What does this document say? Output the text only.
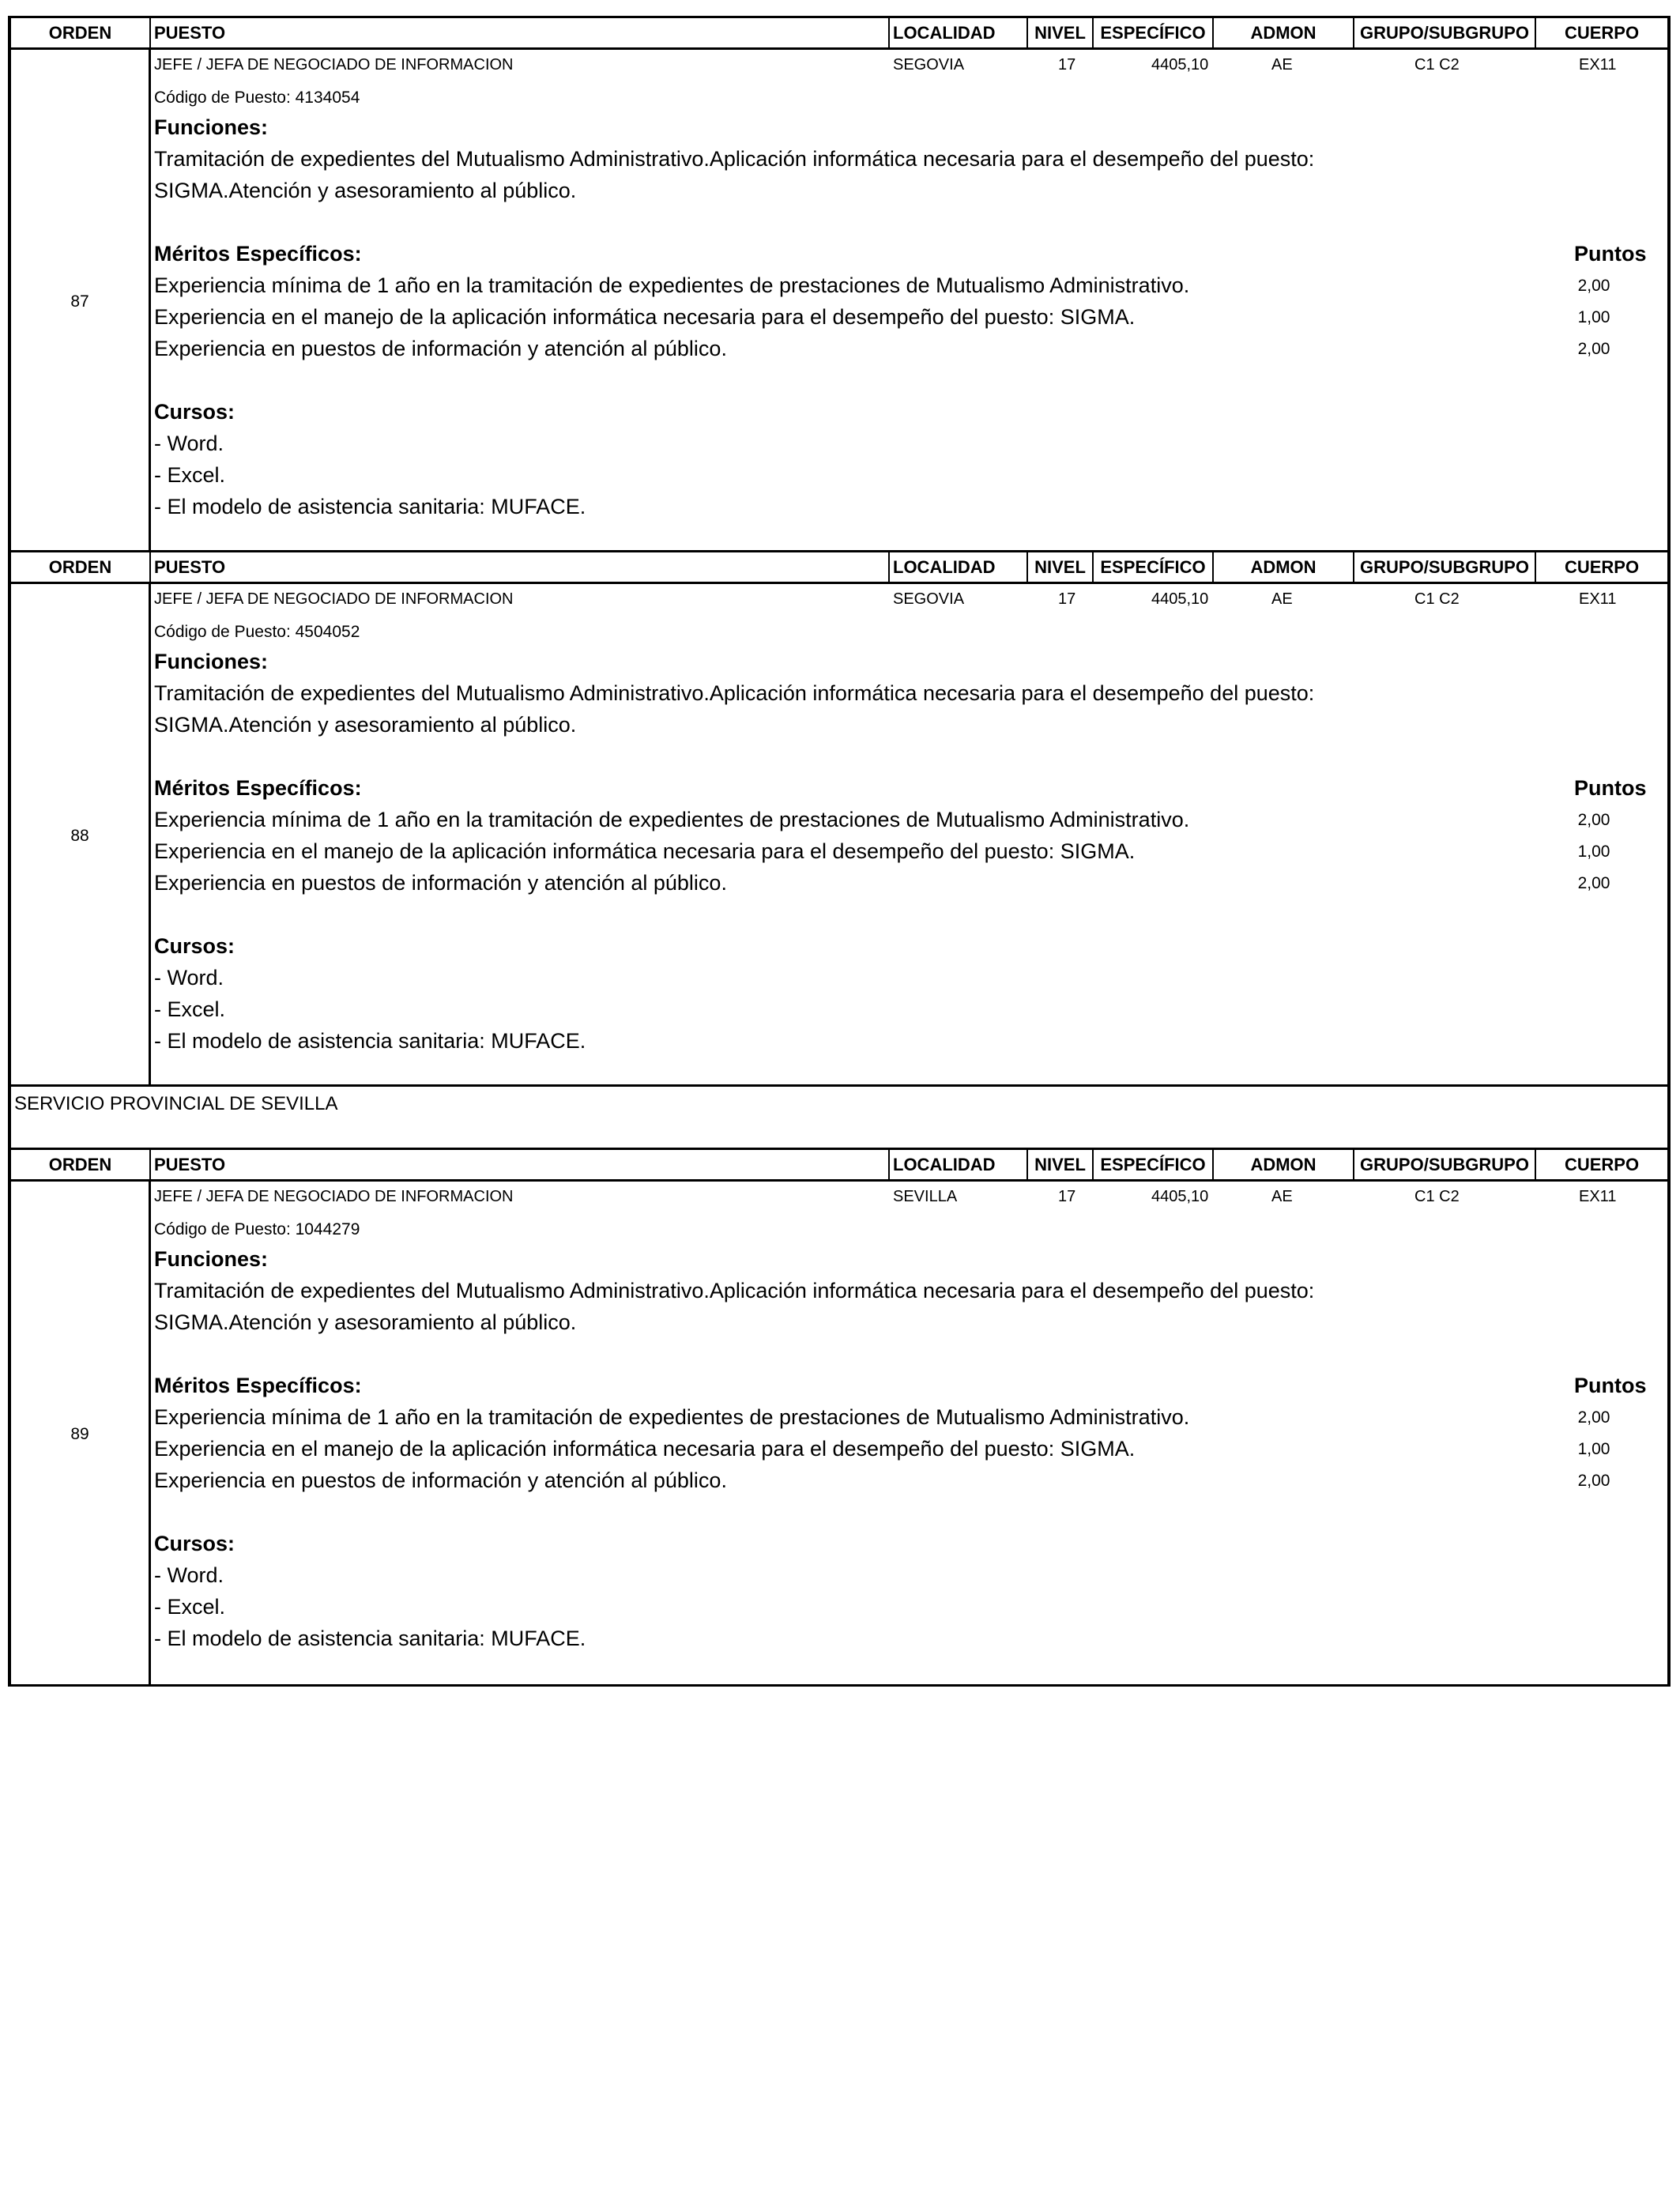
ORDEN	PUESTO	LOCALIDAD	NIVEL ESPECÍFICO	ADMON	GRUPO/SUBGRUPO	CUERPO
87
JEFE / JEFA DE NEGOCIADO DE INFORMACION	SEGOVIA	17	4405,10	AE	C1 C2	EX11
Código de Puesto: 4134054
Funciones:
Tramitación de expedientes del Mutualismo Administrativo.Aplicación informática necesaria para el desempeño del puesto:
SIGMA.Atención y asesoramiento al público.
Méritos Específicos:	Puntos
Experiencia mínima de 1 año en la tramitación de expedientes de prestaciones de Mutualismo Administrativo.	2,00
Experiencia en el manejo de la aplicación informática necesaria para el desempeño del puesto: SIGMA.	1,00
Experiencia en puestos de información y atención al público.	2,00
Cursos:
- Word.
- Excel.
- El modelo de asistencia sanitaria: MUFACE.
ORDEN	PUESTO	LOCALIDAD	NIVEL ESPECÍFICO	ADMON	GRUPO/SUBGRUPO	CUERPO
88
JEFE / JEFA DE NEGOCIADO DE INFORMACION	SEGOVIA	17	4405,10	AE	C1 C2	EX11
Código de Puesto: 4504052
Funciones:
Tramitación de expedientes del Mutualismo Administrativo.Aplicación informática necesaria para el desempeño del puesto:
SIGMA.Atención y asesoramiento al público.
Méritos Específicos:	Puntos
Experiencia mínima de 1 año en la tramitación de expedientes de prestaciones de Mutualismo Administrativo.	2,00
Experiencia en el manejo de la aplicación informática necesaria para el desempeño del puesto: SIGMA.	1,00
Experiencia en puestos de información y atención al público.	2,00
Cursos:
- Word.
- Excel.
- El modelo de asistencia sanitaria: MUFACE.
SERVICIO PROVINCIAL DE SEVILLA
ORDEN	PUESTO	LOCALIDAD	NIVEL ESPECÍFICO	ADMON	GRUPO/SUBGRUPO	CUERPO
89
JEFE / JEFA DE NEGOCIADO DE INFORMACION	SEVILLA	17	4405,10	AE	C1 C2	EX11
Código de Puesto: 1044279
Funciones:
Tramitación de expedientes del Mutualismo Administrativo.Aplicación informática necesaria para el desempeño del puesto:
SIGMA.Atención y asesoramiento al público.
Méritos Específicos:	Puntos
Experiencia mínima de 1 año en la tramitación de expedientes de prestaciones de Mutualismo Administrativo.	2,00
Experiencia en el manejo de la aplicación informática necesaria para el desempeño del puesto: SIGMA.	1,00
Experiencia en puestos de información y atención al público.	2,00
Cursos:
- Word.
- Excel.
- El modelo de asistencia sanitaria: MUFACE.
